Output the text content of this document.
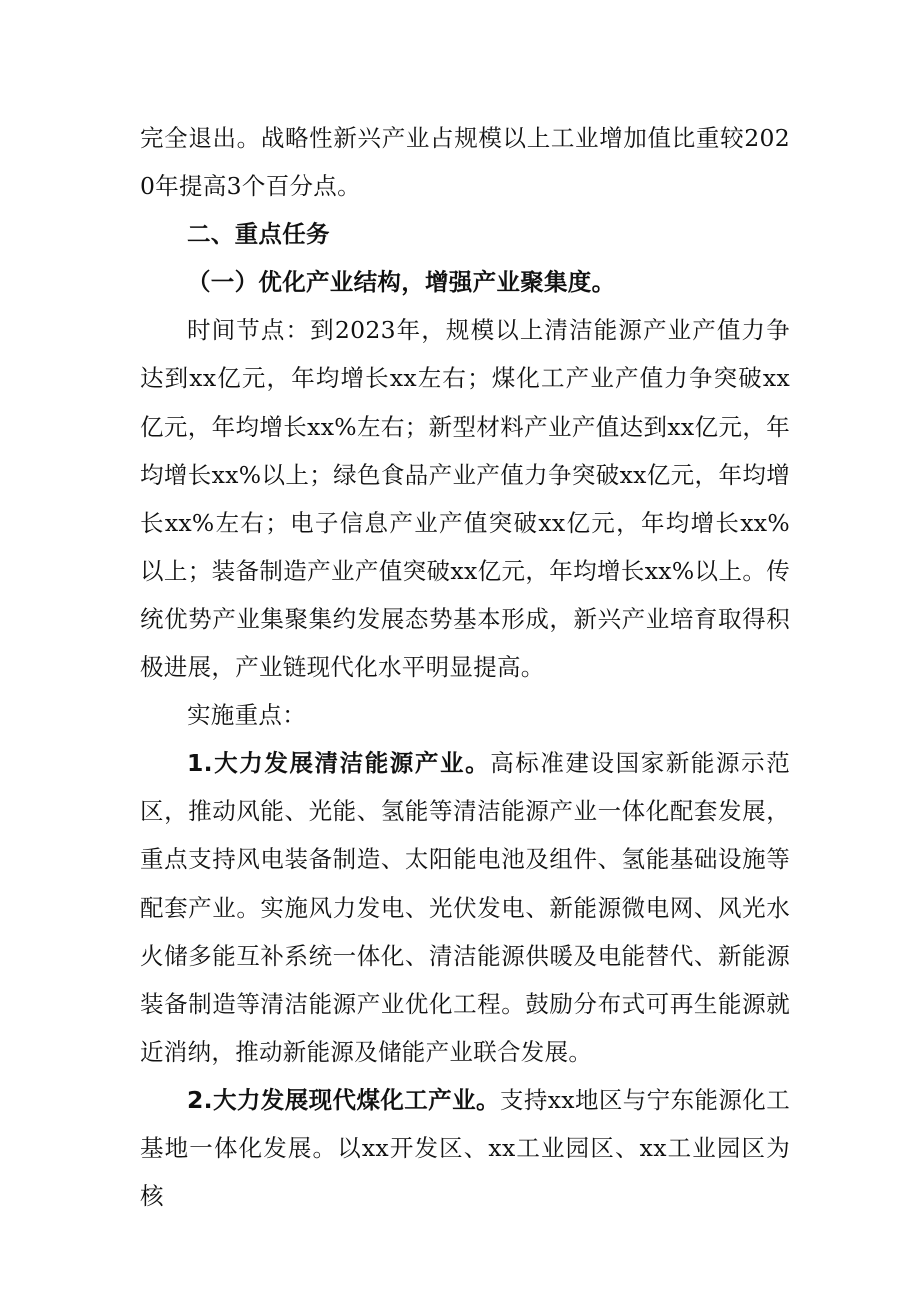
完全退出。战略性新兴产业占规模以上工业增加值比重较2020年提高3个百分点。

二、重点任务

（一）优化产业结构，增强产业聚集度。

时间节点：到2023年，规模以上清洁能源产业产值力争达到xx亿元，年均增长xx左右；煤化工产业产值力争突破xx亿元，年均增长xx%左右；新型材料产业产值达到xx亿元，年均增长xx%以上；绿色食品产业产值力争突破xx亿元，年均增长xx%左右；电子信息产业产值突破xx亿元，年均增长xx%以上；装备制造产业产值突破xx亿元，年均增长xx%以上。传统优势产业集聚集约发展态势基本形成，新兴产业培育取得积极进展，产业链现代化水平明显提高。

实施重点：

1.大力发展清洁能源产业。高标准建设国家新能源示范区，推动风能、光能、氢能等清洁能源产业一体化配套发展，重点支持风电装备制造、太阳能电池及组件、氢能基础设施等配套产业。实施风力发电、光伏发电、新能源微电网、风光水火储多能互补系统一体化、清洁能源供暖及电能替代、新能源装备制造等清洁能源产业优化工程。鼓励分布式可再生能源就近消纳，推动新能源及储能产业联合发展。

2.大力发展现代煤化工产业。支持xx地区与宁东能源化工基地一体化发展。以xx开发区、xx工业园区、xx工业园区为核
